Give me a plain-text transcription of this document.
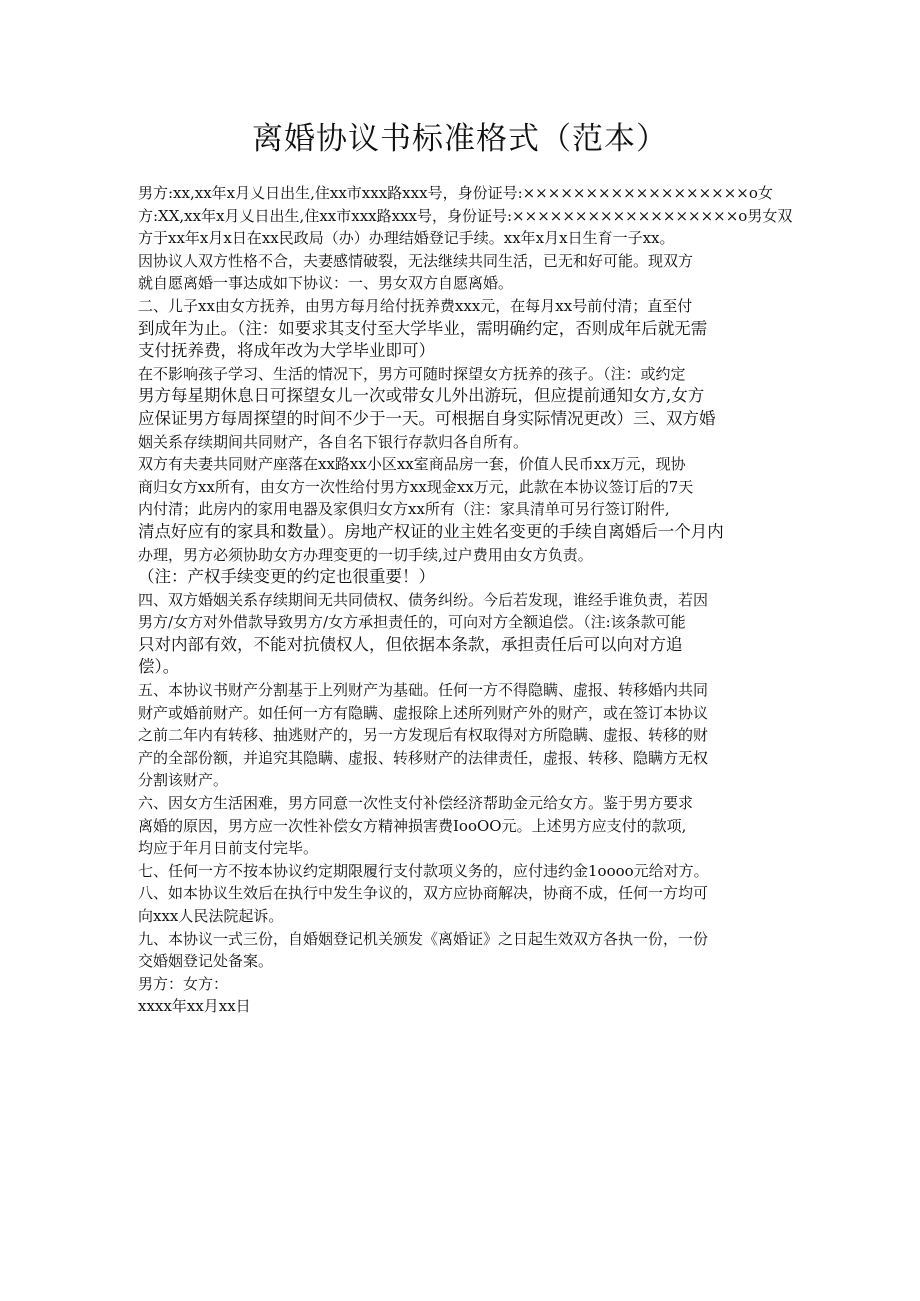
离婚协议书标准格式（范本）
男方:xx,xx年x月乂日出生,住xx市xxx路xxx号，身份证号:××××××××××××××××××o女
方:XX,xx年x月乂日出生,住xx市xxx路xxx号，身份证号:××××××××××××××××××o男女双
方于xx年x月x日在xx民政局（办）办理结婚登记手续。xx年x月x日生育一子xx。
因协议人双方性格不合，夫妻感情破裂，无法继续共同生活，已无和好可能。现双方
就自愿离婚一事达成如下协议：一、男女双方自愿离婚。
二、儿子xx由女方抚养，由男方每月给付抚养费xxx元，在每月xx号前付清；直至付
到成年为止。（注：如要求其支付至大学毕业，需明确约定，否则成年后就无需
支付抚养费，将成年改为大学毕业即可）
在不影响孩子学习、生活的情况下，男方可随时探望女方抚养的孩子。（注：或约定
男方每星期休息日可探望女儿一次或带女儿外出游玩，但应提前通知女方,女方
应保证男方每周探望的时间不少于一天。可根据自身实际情况更改）三、双方婚
姻关系存续期间共同财产，各自名下银行存款归各自所有。
双方有夫妻共同财产座落在xx路xx小区xx室商品房一套，价值人民币xx万元，现协
商归女方xx所有，由女方一次性给付男方xx现金xx万元，此款在本协议签订后的7天
内付清；此房内的家用电器及家俱归女方xx所有（注：家具清单可另行签订附件,
清点好应有的家具和数量）。房地产权证的业主姓名变更的手续自离婚后一个月内
办理，男方必须协助女方办理变更的一切手续,过户费用由女方负责。
（注：产权手续变更的约定也很重要！）
四、双方婚姻关系存续期间无共同债权、债务纠纷。今后若发现，谁经手谁负责，若因
男方/女方对外借款导致男方/女方承担责任的，可向对方全额追偿。（注:该条款可能
只对内部有效，不能对抗债权人，但依据本条款，承担责任后可以向对方追
偿）。
五、本协议书财产分割基于上列财产为基础。任何一方不得隐瞒、虚报、转移婚内共同
财产或婚前财产。如任何一方有隐瞒、虚报除上述所列财产外的财产，或在签订本协议
之前二年内有转移、抽逃财产的，另一方发现后有权取得对方所隐瞒、虚报、转移的财
产的全部份额，并追究其隐瞒、虚报、转移财产的法律责任，虚报、转移、隐瞒方无权
分割该财产。
六、因女方生活困难，男方同意一次性支付补偿经济帮助金元给女方。鉴于男方要求
离婚的原因，男方应一次性补偿女方精神损害费IooOO元。上述男方应支付的款项,
均应于年月日前支付完毕。
七、任何一方不按本协议约定期限履行支付款项义务的，应付违约金1oooo元给对方。
八、如本协议生效后在执行中发生争议的，双方应协商解决，协商不成，任何一方均可
向xxx人民法院起诉。
九、本协议一式三份，自婚姻登记机关颁发《离婚证》之日起生效双方各执一份，一份
交婚姻登记处备案。
男方：女方：
xxxx年xx月xx日
